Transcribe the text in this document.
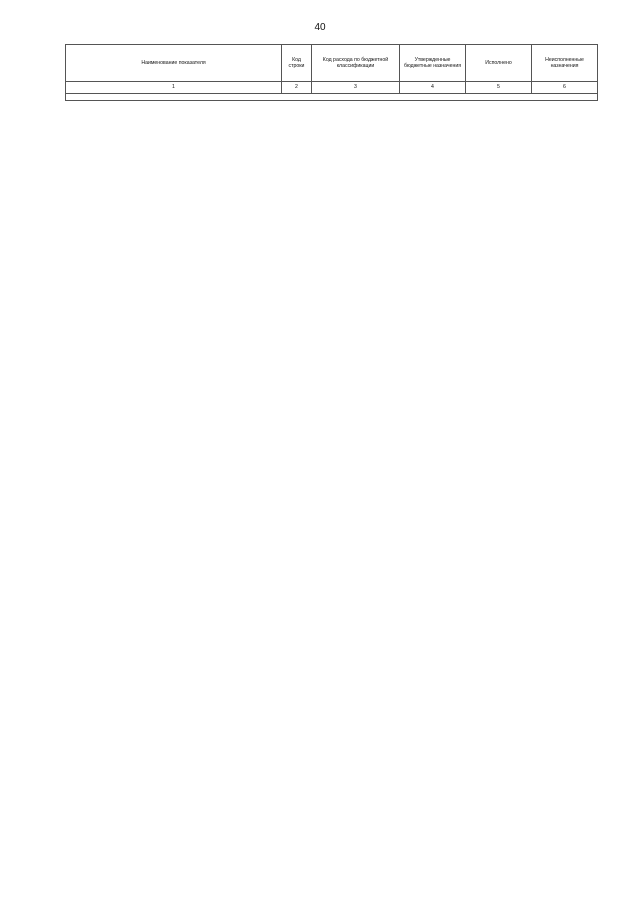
40
Наименование показателя	Код строки	Код расхода по бюджетной классификации	Утвержденные бюджетные назначения	Исполнено	Неисполненные назначения
1	2	3	4	5	6
